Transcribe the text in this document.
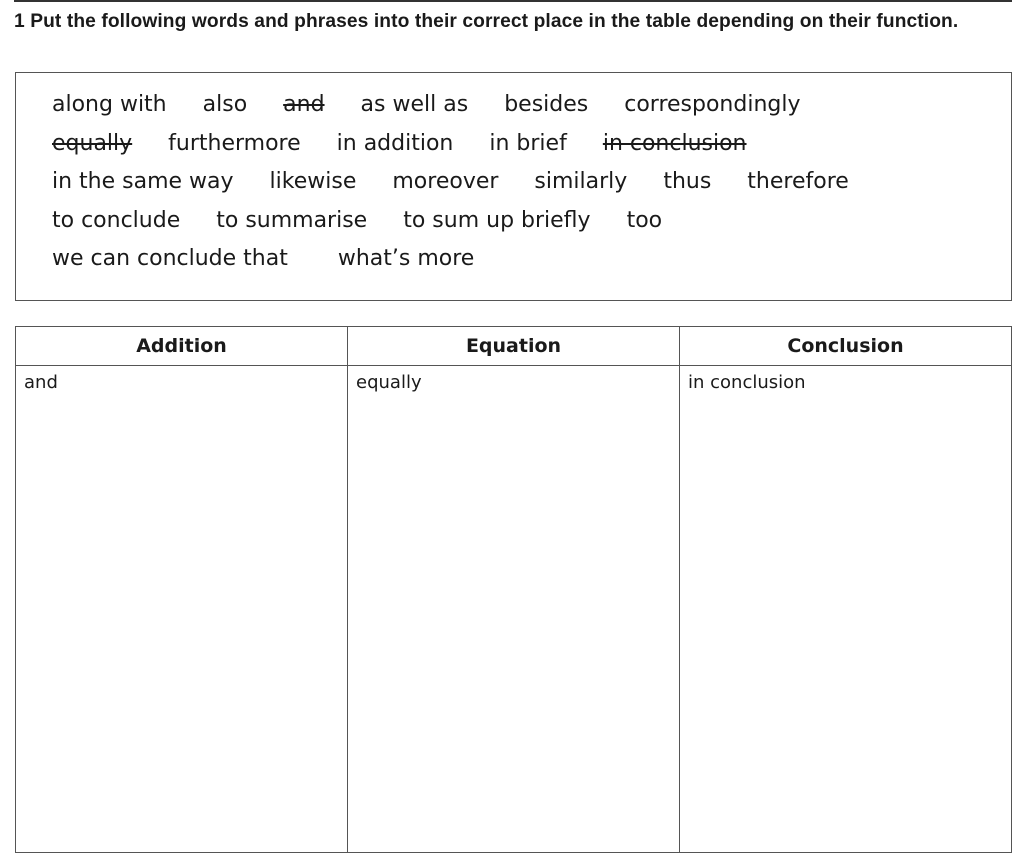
1 Put the following words and phrases into their correct place in the table depending on their function.

along with also and as well as besides correspondingly
equally furthermore in addition in brief in conclusion
in the same way likewise moreover similarly thus therefore
to conclude to summarise to sum up briefly too
we can conclude that what’s more
Addition	Equation	Conclusion
and	equally	in conclusion
